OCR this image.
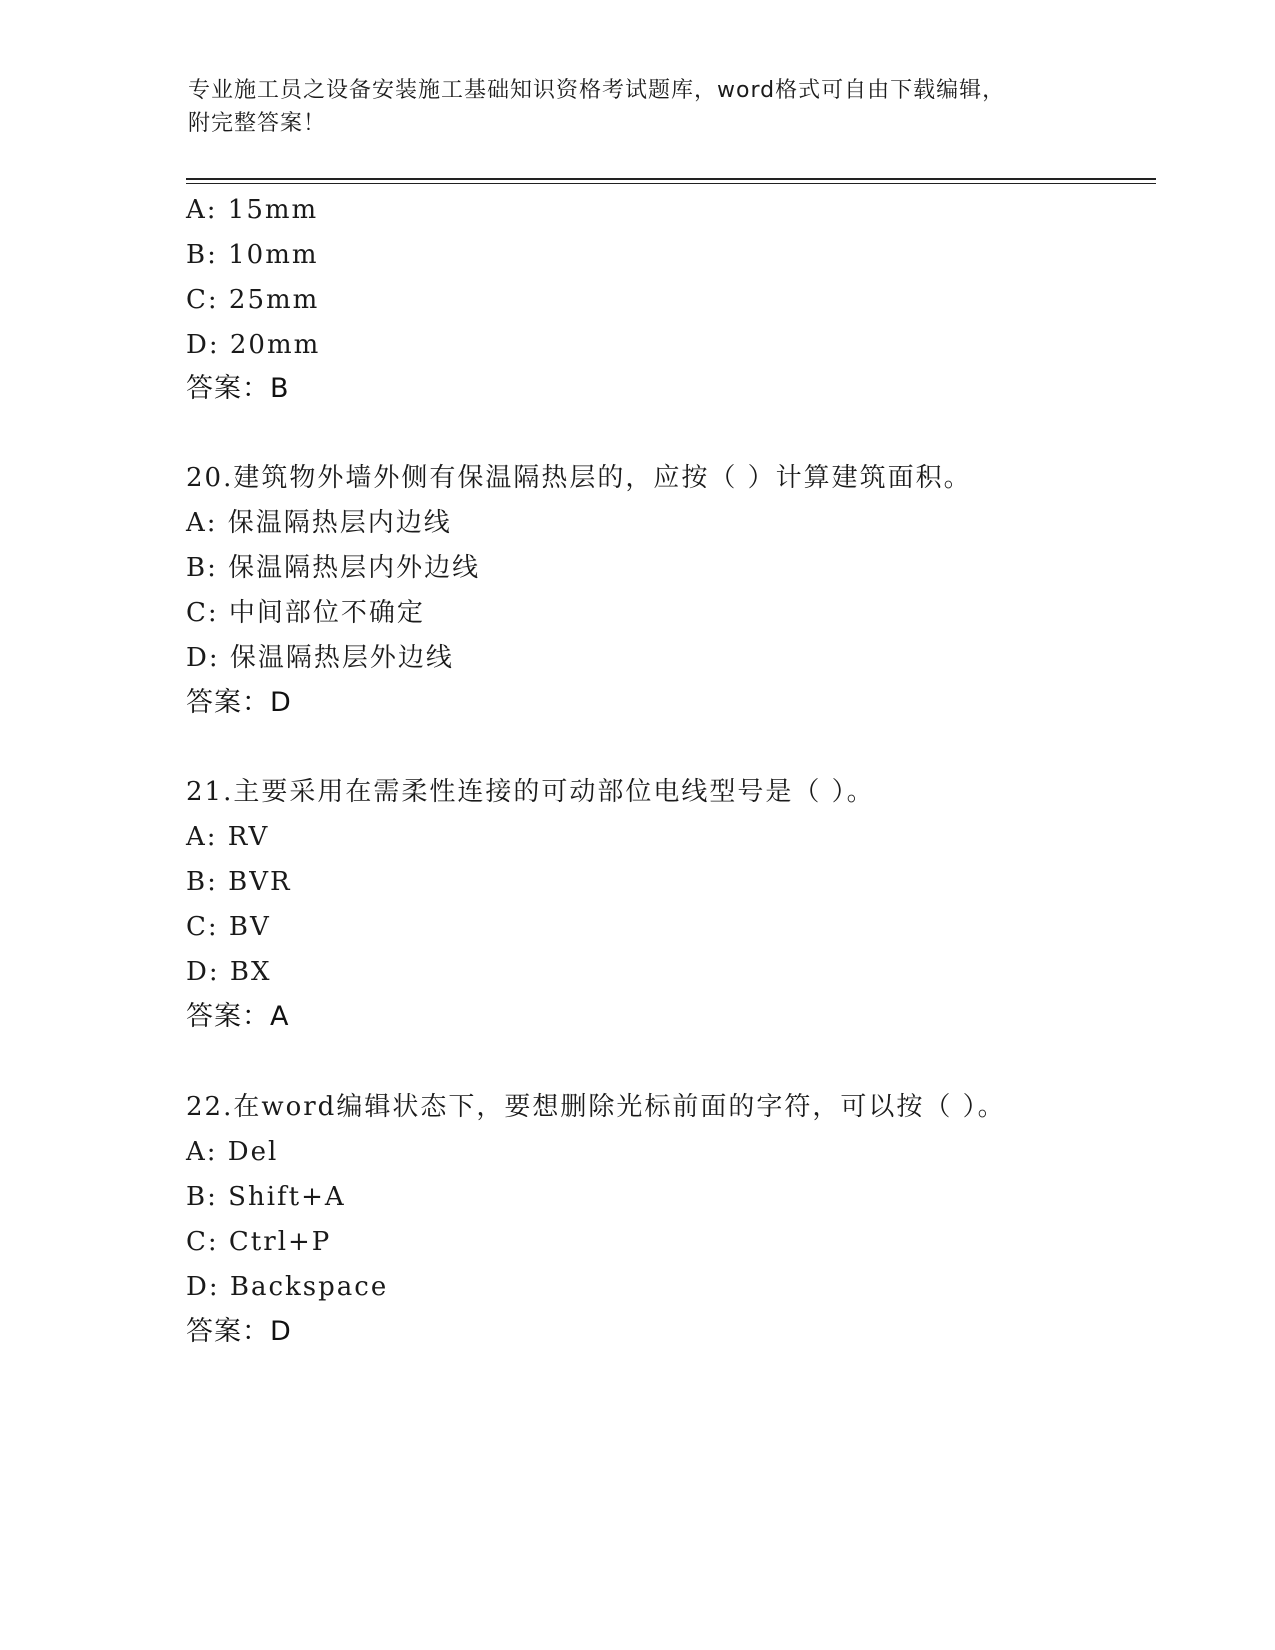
专业施工员之设备安装施工基础知识资格考试题库，word格式可自由下载编辑，
附完整答案！
A: 15mm
B: 10mm
C: 25mm
D: 20mm
答案：B
20.建筑物外墙外侧有保温隔热层的，应按（ ）计算建筑面积。
A: 保温隔热层内边线
B: 保温隔热层内外边线
C: 中间部位不确定
D: 保温隔热层外边线
答案：D
21.主要采用在需柔性连接的可动部位电线型号是（ ）。
A: RV
B: BVR
C: BV
D: BX
答案：A
22.在word编辑状态下，要想删除光标前面的字符，可以按（ ）。
A: Del
B: Shift+A
C: Ctrl+P
D: Backspace
答案：D
